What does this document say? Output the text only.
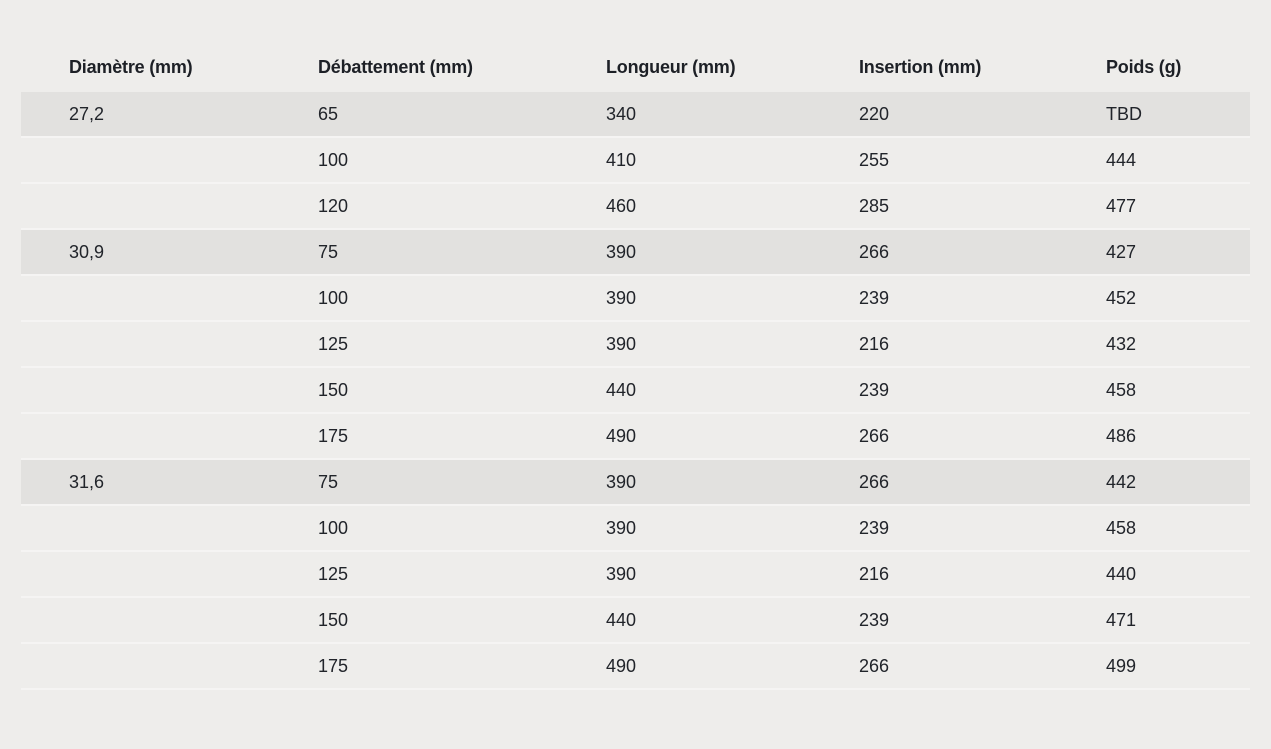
Diamètre (mm)	Débattement (mm)	Longueur (mm)	Insertion (mm)	Poids (g)
27,2	65	340	220	TBD
	100	410	255	444
	120	460	285	477
30,9	75	390	266	427
	100	390	239	452
	125	390	216	432
	150	440	239	458
	175	490	266	486
31,6	75	390	266	442
	100	390	239	458
	125	390	216	440
	150	440	239	471
	175	490	266	499
